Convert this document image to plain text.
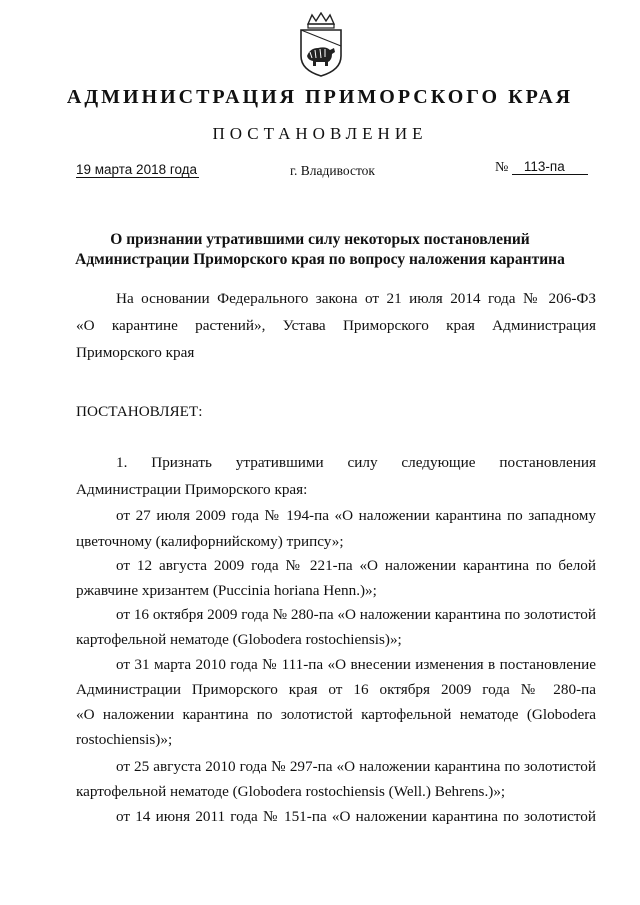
АДМИНИСТРАЦИЯ ПРИМОРСКОГО КРАЯ
ПОСТАНОВЛЕНИЕ
19 марта 2018 года	г. Владивосток	№ 113-па
О признании утратившими силу некоторых постановлений
Администрации Приморского края по вопросу наложения карантина

На основании Федерального закона от 21 июля 2014 года № 206-ФЗ

«О карантинe растений», Устава Приморского края Администрация

Приморского края

ПОСТАНОВЛЯЕТ:

1. Признать утратившими силу следующие постановления

Администрации Приморского края:

от 27 июля 2009 года № 194-па «О наложении карантина по западному

цветочному (калифорнийскому) трипсу»;

от 12 августа 2009 года № 221-па «О наложении карантина по белой

ржавчине хризантем (Puccinia horiana Henn.)»;

от 16 октября 2009 года № 280-па «О наложении карантина по золотистой

картофельной нематоде (Globodera rostochiensis)»;

от 31 марта 2010 года № 111-па «О внесении изменения в постановление

Администрации Приморского края от 16 октября 2009 года № 280-па

«О наложении карантина по золотистой картофельной нематоде (Globodera

rostochiensis)»;

от 25 августа 2010 года № 297-па «О наложении карантина по золотистой

картофельной нематоде (Globodera rostochiensis (Well.) Behrens.)»;

от 14 июня 2011 года № 151-па «О наложении карантина по золотистой
